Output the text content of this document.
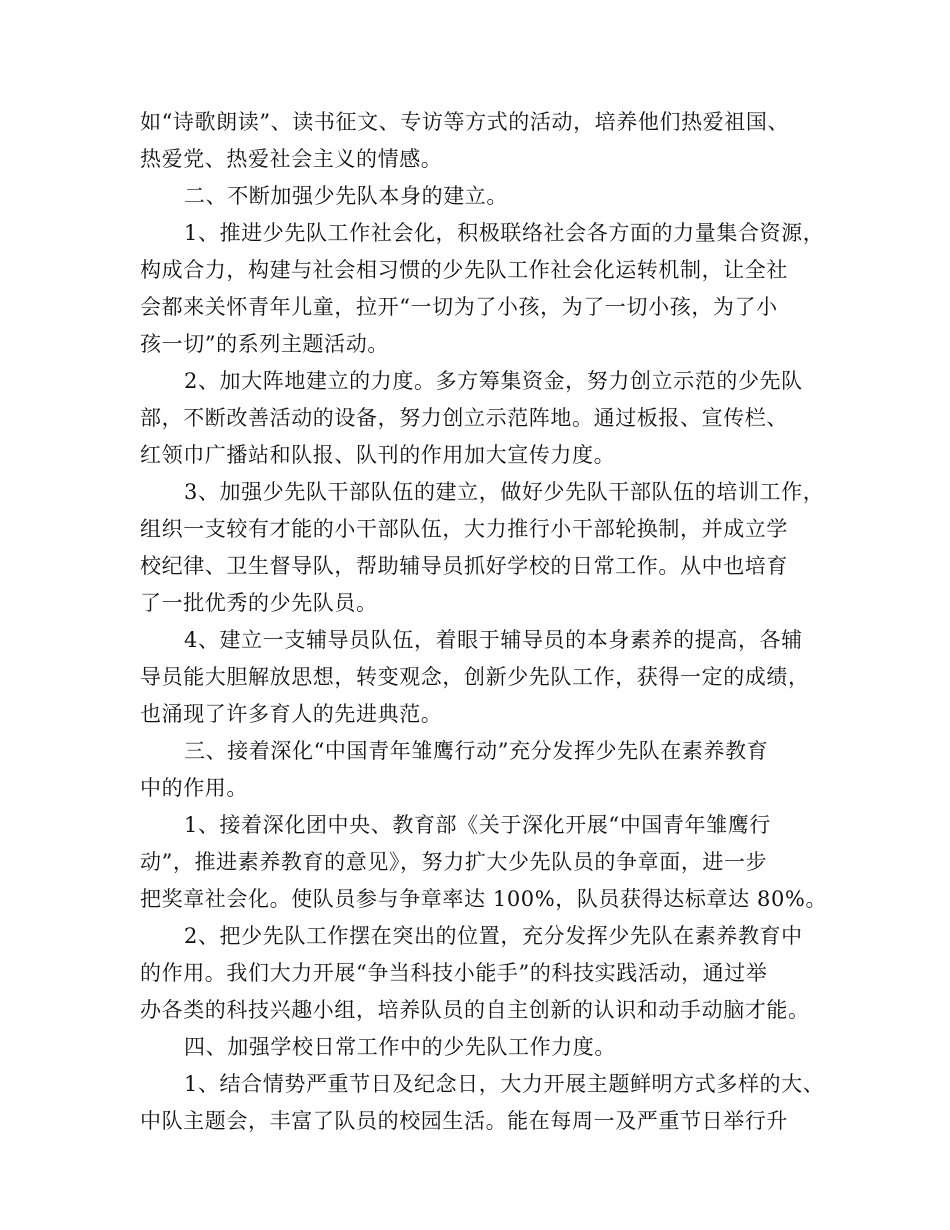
如“诗歌朗读”、读书征文、专访等方式的活动，培养他们热爱祖国、
热爱党、热爱社会主义的情感。
二、不断加强少先队本身的建立。
1、推进少先队工作社会化，积极联络社会各方面的力量集合资源，
构成合力，构建与社会相习惯的少先队工作社会化运转机制，让全社
会都来关怀青年儿童，拉开“一切为了小孩，为了一切小孩，为了小
孩一切”的系列主题活动。
2、加大阵地建立的力度。多方筹集资金，努力创立示范的少先队
部，不断改善活动的设备，努力创立示范阵地。通过板报、宣传栏、
红领巾广播站和队报、队刊的作用加大宣传力度。
3、加强少先队干部队伍的建立，做好少先队干部队伍的培训工作，
组织一支较有才能的小干部队伍，大力推行小干部轮换制，并成立学
校纪律、卫生督导队，帮助辅导员抓好学校的日常工作。从中也培育
了一批优秀的少先队员。
4、建立一支辅导员队伍，着眼于辅导员的本身素养的提高，各辅
导员能大胆解放思想，转变观念，创新少先队工作，获得一定的成绩，
也涌现了许多育人的先进典范。
三、接着深化“中国青年雏鹰行动”充分发挥少先队在素养教育
中的作用。
1、接着深化团中央、教育部《关于深化开展“中国青年雏鹰行
动”，推进素养教育的意见》，努力扩大少先队员的争章面，进一步
把奖章社会化。使队员参与争章率达 100%，队员获得达标章达 80%。
2、把少先队工作摆在突出的位置，充分发挥少先队在素养教育中
的作用。我们大力开展“争当科技小能手”的科技实践活动，通过举
办各类的科技兴趣小组，培养队员的自主创新的认识和动手动脑才能。
四、加强学校日常工作中的少先队工作力度。
1、结合情势严重节日及纪念日，大力开展主题鲜明方式多样的大、
中队主题会，丰富了队员的校园生活。能在每周一及严重节日举行升
